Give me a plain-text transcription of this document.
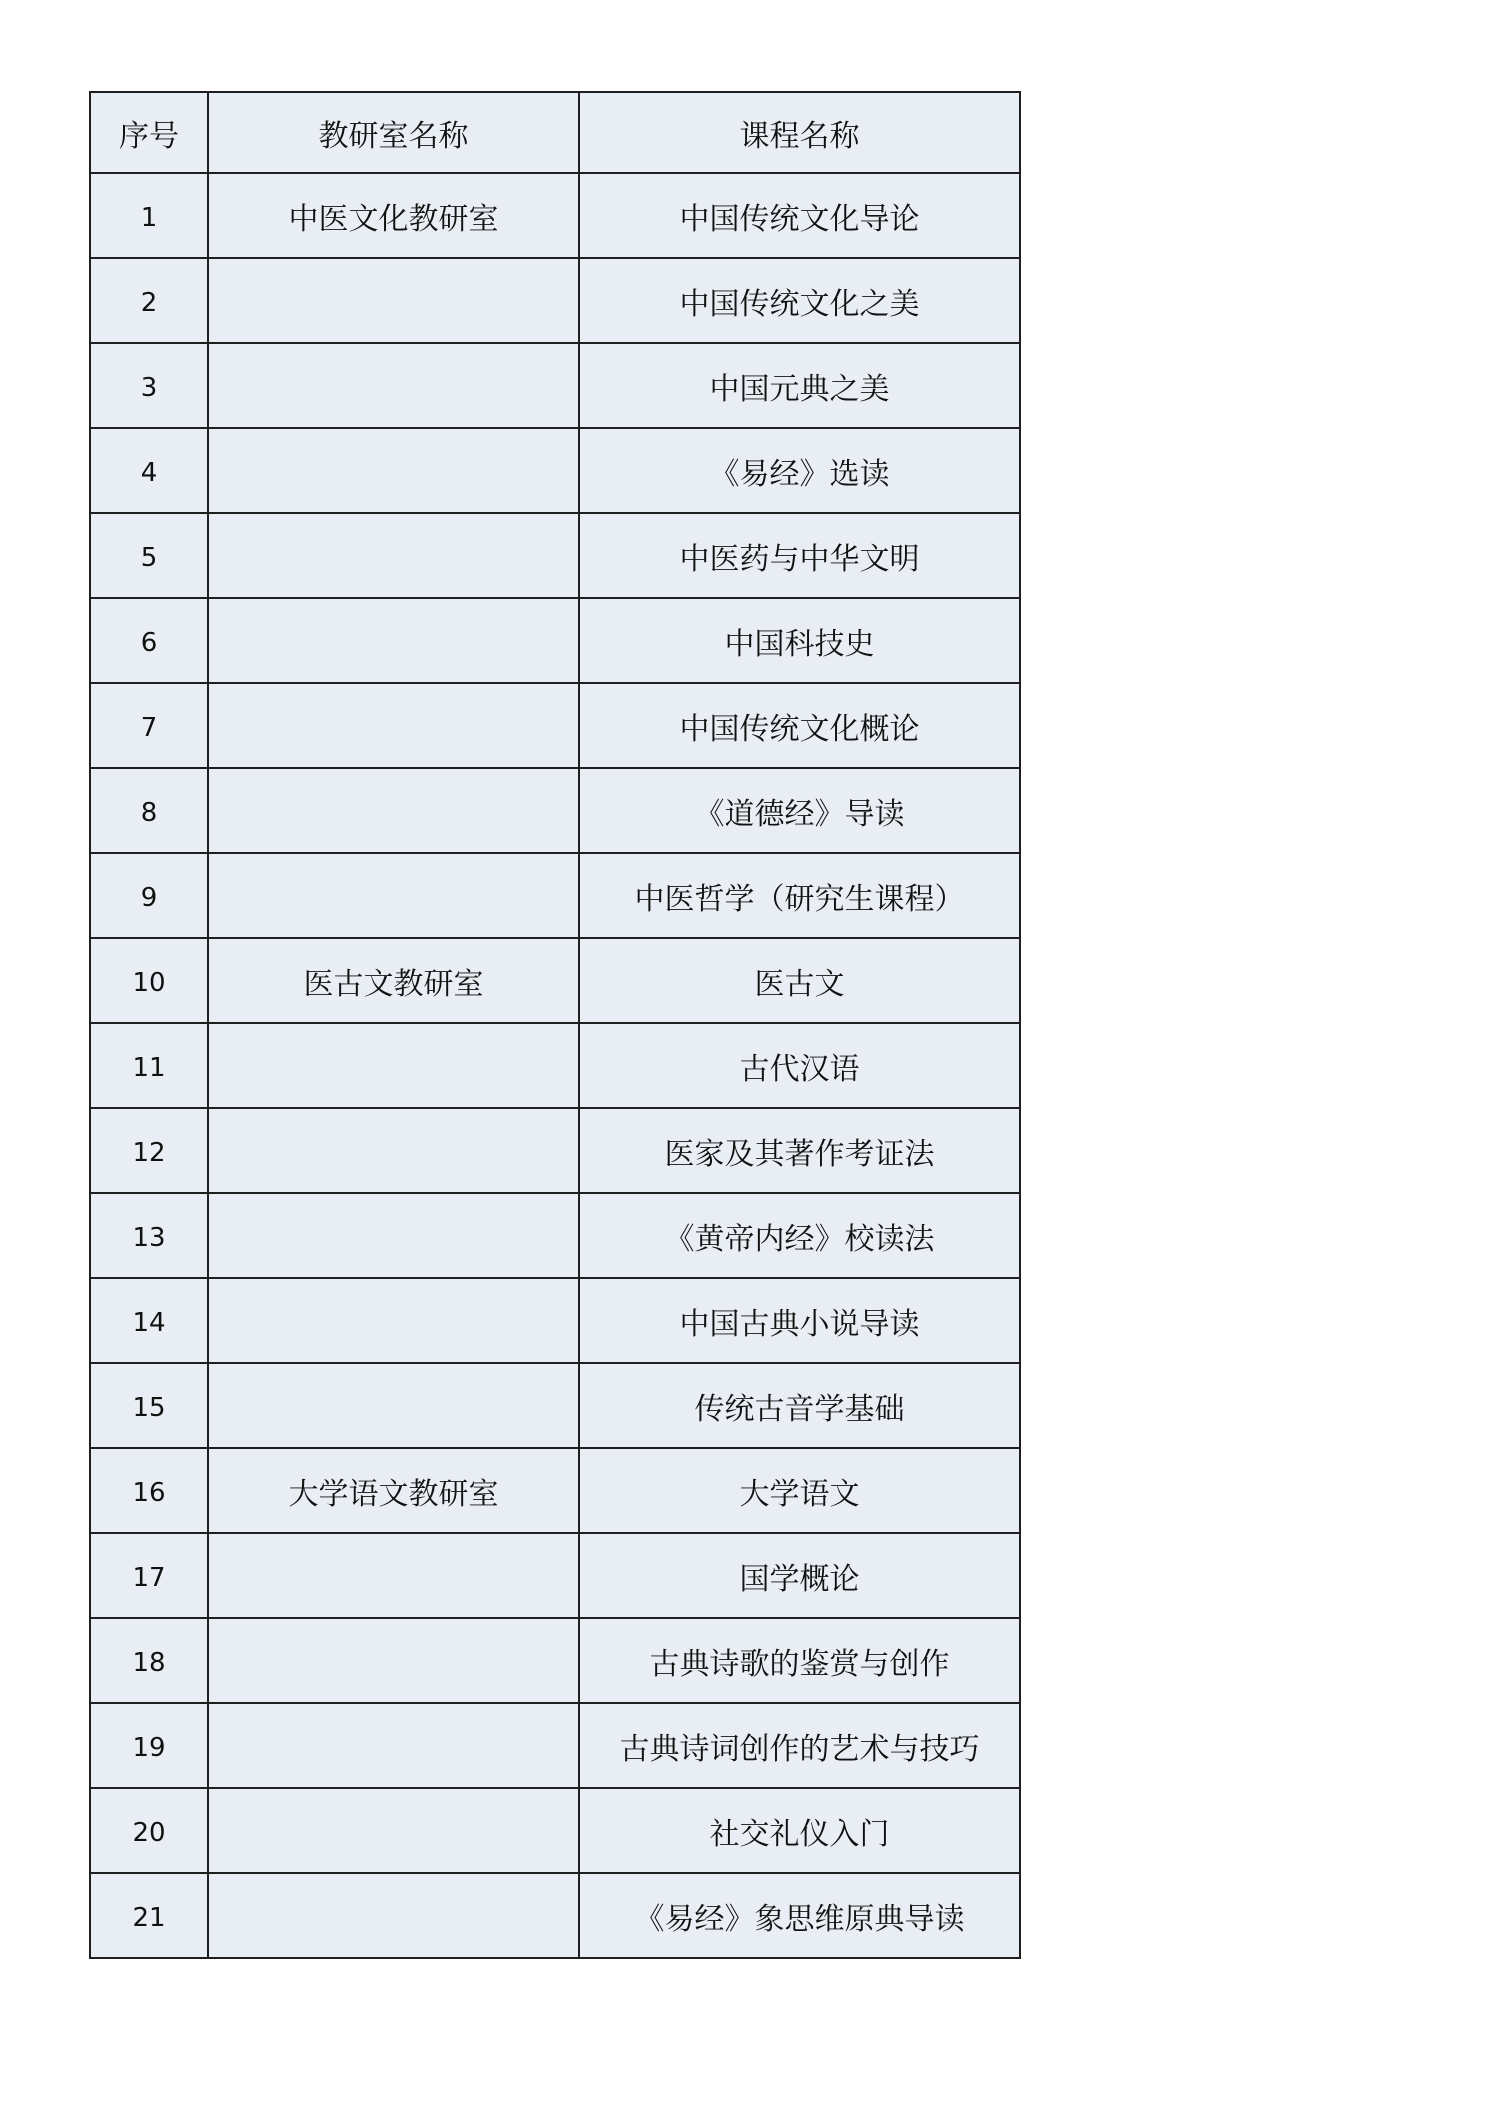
序号	教研室名称	课程名称
1	中医文化教研室	中国传统文化导论
2		中国传统文化之美
3		中国元典之美
4		《易经》选读
5		中医药与中华文明
6		中国科技史
7		中国传统文化概论
8		《道德经》导读
9		中医哲学（研究生课程）
10	医古文教研室	医古文
11		古代汉语
12		医家及其著作考证法
13		《黄帝内经》校读法
14		中国古典小说导读
15		传统古音学基础
16	大学语文教研室	大学语文
17		国学概论
18		古典诗歌的鉴赏与创作
19		古典诗词创作的艺术与技巧
20		社交礼仪入门
21		《易经》象思维原典导读
